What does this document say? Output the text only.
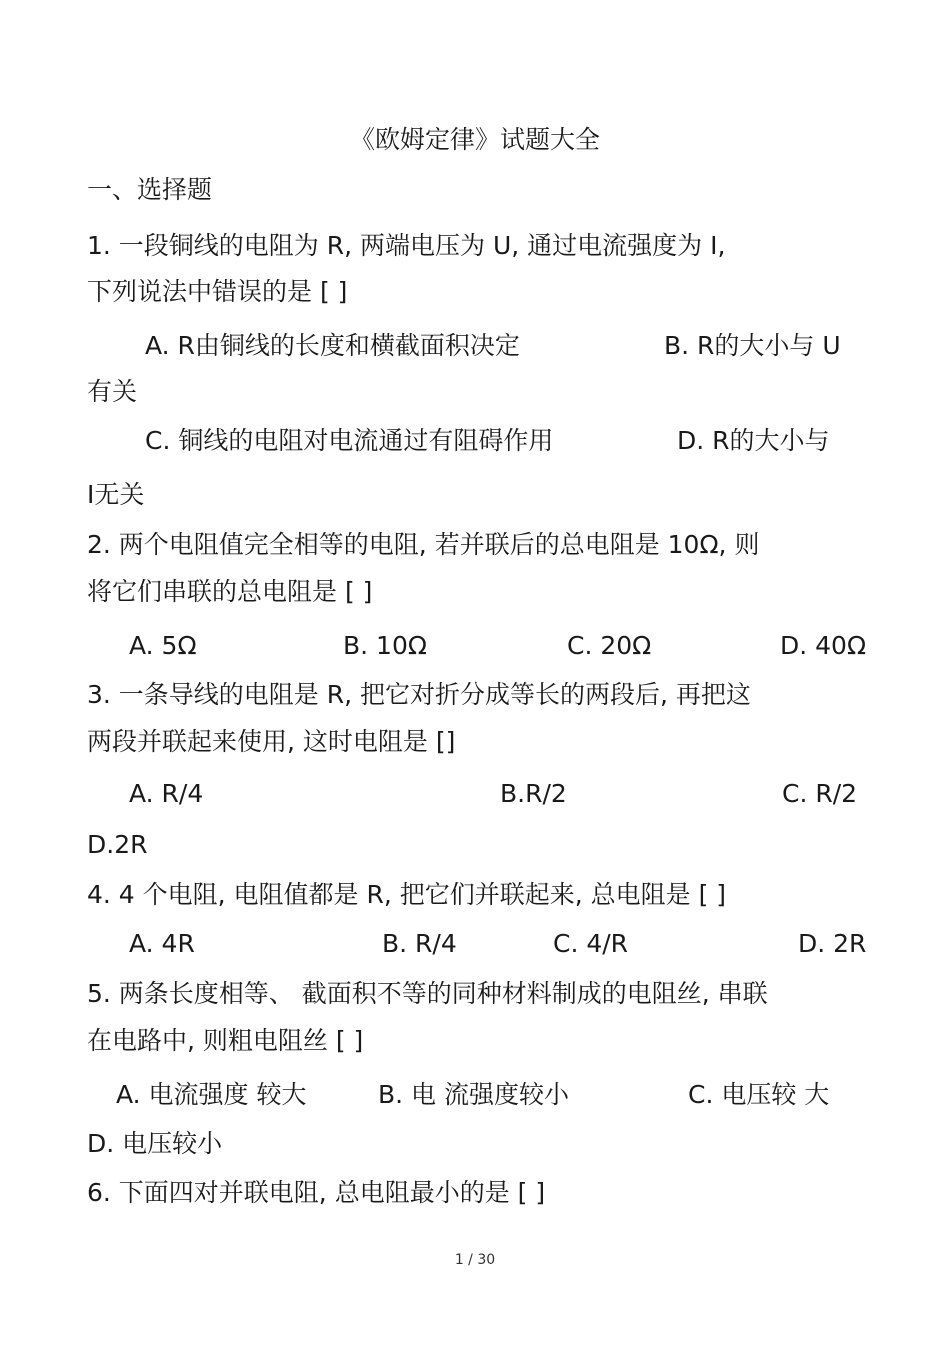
《欧姆定律》试题大全
一、选择题
1. 一段铜线的电阻为 R, 两端电压为 U, 通过电流强度为 I,
下列说法中错误的是 [ ]
A. R由铜线的长度和横截面积决定	B. R的大小与 U
有关
C. 铜线的电阻对电流通过有阻碍作用	D. R的大小与
I无关
2. 两个电阻值完全相等的电阻, 若并联后的总电阻是 10Ω, 则
将它们串联的总电阻是 [ ]
A. 5Ω	B. 10Ω	C. 20Ω	D. 40Ω
3. 一条导线的电阻是 R, 把它对折分成等长的两段后, 再把这
两段并联起来使用, 这时电阻是 []
A. R/4	B.R/2	C. R/2
D.2R
4. 4 个电阻, 电阻值都是 R, 把它们并联起来, 总电阻是 [ ]
A. 4R	B. R/4	C. 4/R	D. 2R
5. 两条长度相等、 截面积不等的同种材料制成的电阻丝, 串联
在电路中, 则粗电阻丝 [ ]
A. 电流强度 较大	B. 电 流强度较小	C. 电压较 大
D. 电压较小
6. 下面四对并联电阻, 总电阻最小的是 [ ]
1 / 30
